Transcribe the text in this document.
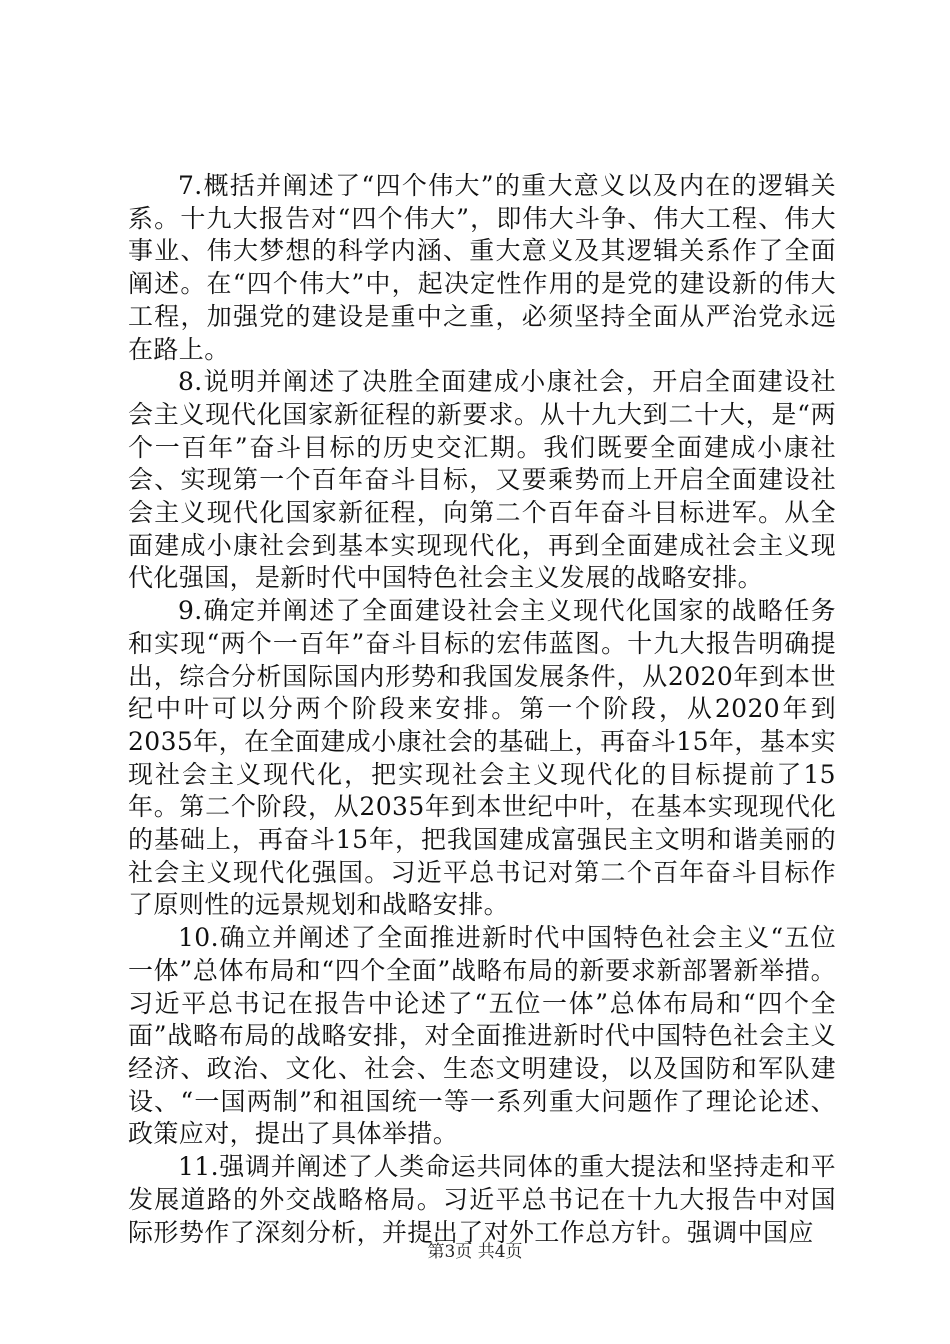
7.概括并阐述了“四个伟大”的重大意义以及内在的逻辑关系。十九大报告对“四个伟大”，即伟大斗争、伟大工程、伟大事业、伟大梦想的科学内涵、重大意义及其逻辑关系作了全面阐述。在“四个伟大”中，起决定性作用的是党的建设新的伟大工程，加强党的建设是重中之重，必须坚持全面从严治党永远在路上。

8.说明并阐述了决胜全面建成小康社会，开启全面建设社会主义现代化国家新征程的新要求。从十九大到二十大，是“两个一百年”奋斗目标的历史交汇期。我们既要全面建成小康社会、实现第一个百年奋斗目标，又要乘势而上开启全面建设社会主义现代化国家新征程，向第二个百年奋斗目标进军。从全面建成小康社会到基本实现现代化，再到全面建成社会主义现代化强国，是新时代中国特色社会主义发展的战略安排。

9.确定并阐述了全面建设社会主义现代化国家的战略任务和实现“两个一百年”奋斗目标的宏伟蓝图。十九大报告明确提出，综合分析国际国内形势和我国发展条件，从2020年到本世纪中叶可以分两个阶段来安排。第一个阶段，从2020年到2035年，在全面建成小康社会的基础上，再奋斗15年，基本实现社会主义现代化，把实现社会主义现代化的目标提前了15年。第二个阶段，从2035年到本世纪中叶，在基本实现现代化的基础上，再奋斗15年，把我国建成富强民主文明和谐美丽的社会主义现代化强国。习近平总书记对第二个百年奋斗目标作了原则性的远景规划和战略安排。

10.确立并阐述了全面推进新时代中国特色社会主义“五位一体”总体布局和“四个全面”战略布局的新要求新部署新举措。习近平总书记在报告中论述了“五位一体”总体布局和“四个全面”战略布局的战略安排，对全面推进新时代中国特色社会主义经济、政治、文化、社会、生态文明建设，以及国防和军队建设、“一国两制”和祖国统一等一系列重大问题作了理论论述、政策应对，提出了具体举措。

11.强调并阐述了人类命运共同体的重大提法和坚持走和平发展道路的外交战略格局。习近平总书记在十九大报告中对国际形势作了深刻分析，并提出了对外工作总方针。强调中国应

第3页 共4页
